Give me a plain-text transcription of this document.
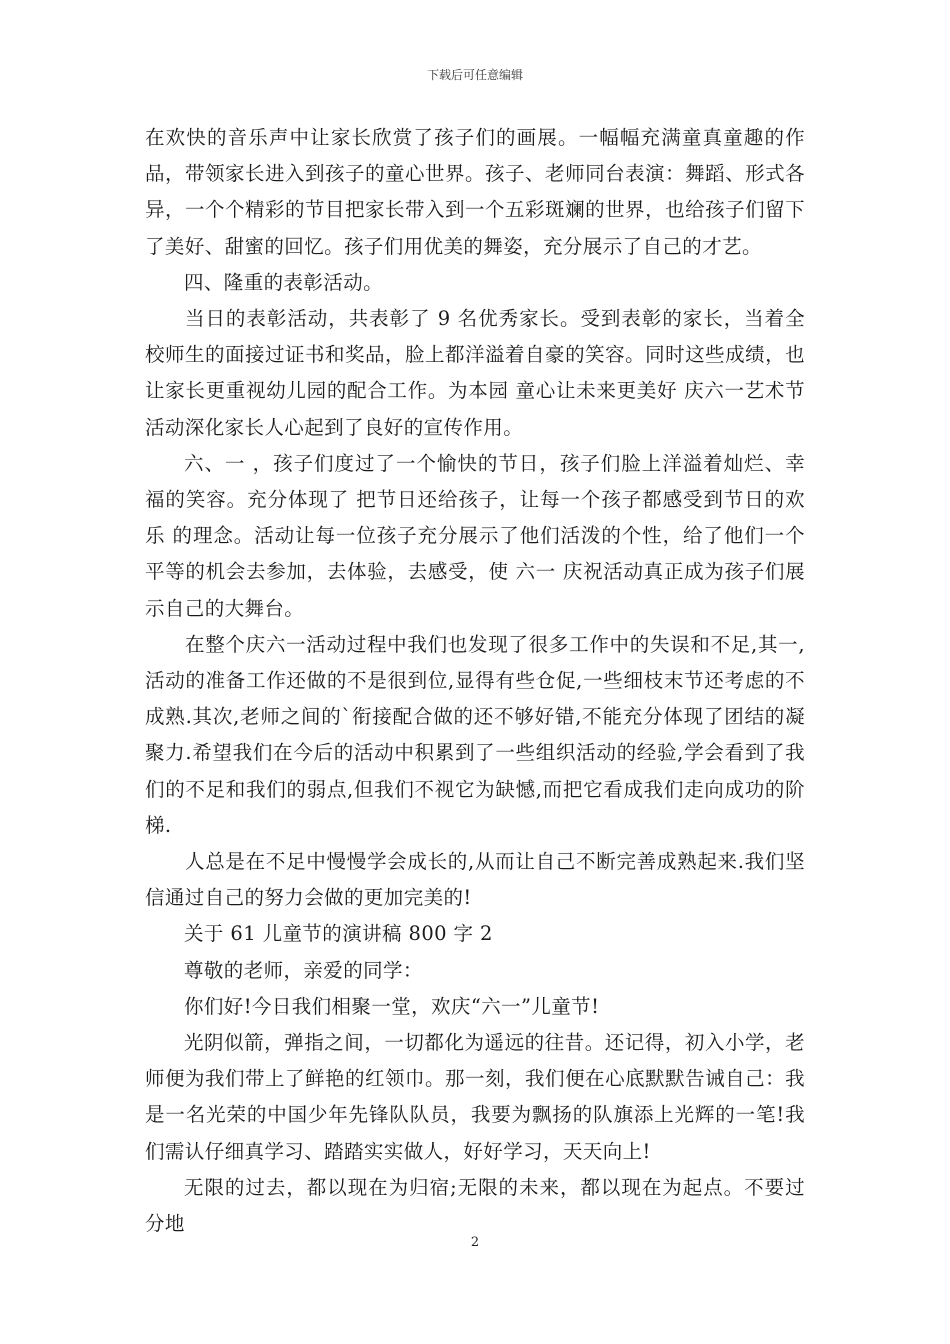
下载后可任意编辑

在欢快的音乐声中让家长欣赏了孩子们的画展。一幅幅充满童真童趣的作品，带领家长进入到孩子的童心世界。孩子、老师同台表演：舞蹈、形式各异，一个个精彩的节目把家长带入到一个五彩斑斓的世界，也给孩子们留下了美好、甜蜜的回忆。孩子们用优美的舞姿，充分展示了自己的才艺。

四、隆重的表彰活动。

当日的表彰活动，共表彰了 9 名优秀家长。受到表彰的家长，当着全校师生的面接过证书和奖品，脸上都洋溢着自豪的笑容。同时这些成绩，也让家长更重视幼儿园的配合工作。为本园 童心让未来更美好 庆六一艺术节活动深化家长人心起到了良好的宣传作用。

六、一 ，孩子们度过了一个愉快的节日，孩子们脸上洋溢着灿烂、幸福的笑容。充分体现了 把节日还给孩子，让每一个孩子都感受到节日的欢乐 的理念。活动让每一位孩子充分展示了他们活泼的个性，给了他们一个平等的机会去参加，去体验，去感受，使 六一 庆祝活动真正成为孩子们展示自己的大舞台。

在整个庆六一活动过程中我们也发现了很多工作中的失误和不足,其一,活动的准备工作还做的不是很到位,显得有些仓促,一些细枝末节还考虑的不成熟.其次,老师之间的`衔接配合做的还不够好错,不能充分体现了团结的凝聚力.希望我们在今后的活动中积累到了一些组织活动的经验,学会看到了我们的不足和我们的弱点,但我们不视它为缺憾,而把它看成我们走向成功的阶梯.

人总是在不足中慢慢学会成长的,从而让自己不断完善成熟起来.我们坚信通过自己的努力会做的更加完美的!

关于 61 儿童节的演讲稿 800 字 2

尊敬的老师，亲爱的同学：

你们好!今日我们相聚一堂，欢庆“六一”儿童节!

光阴似箭，弹指之间，一切都化为遥远的往昔。还记得，初入小学，老师便为我们带上了鲜艳的红领巾。那一刻，我们便在心底默默告诫自己：我是一名光荣的中国少年先锋队队员，我要为飘扬的队旗添上光辉的一笔!我们需认仔细真学习、踏踏实实做人，好好学习，天天向上!

无限的过去，都以现在为归宿;无限的未来，都以现在为起点。不要过分地

2
